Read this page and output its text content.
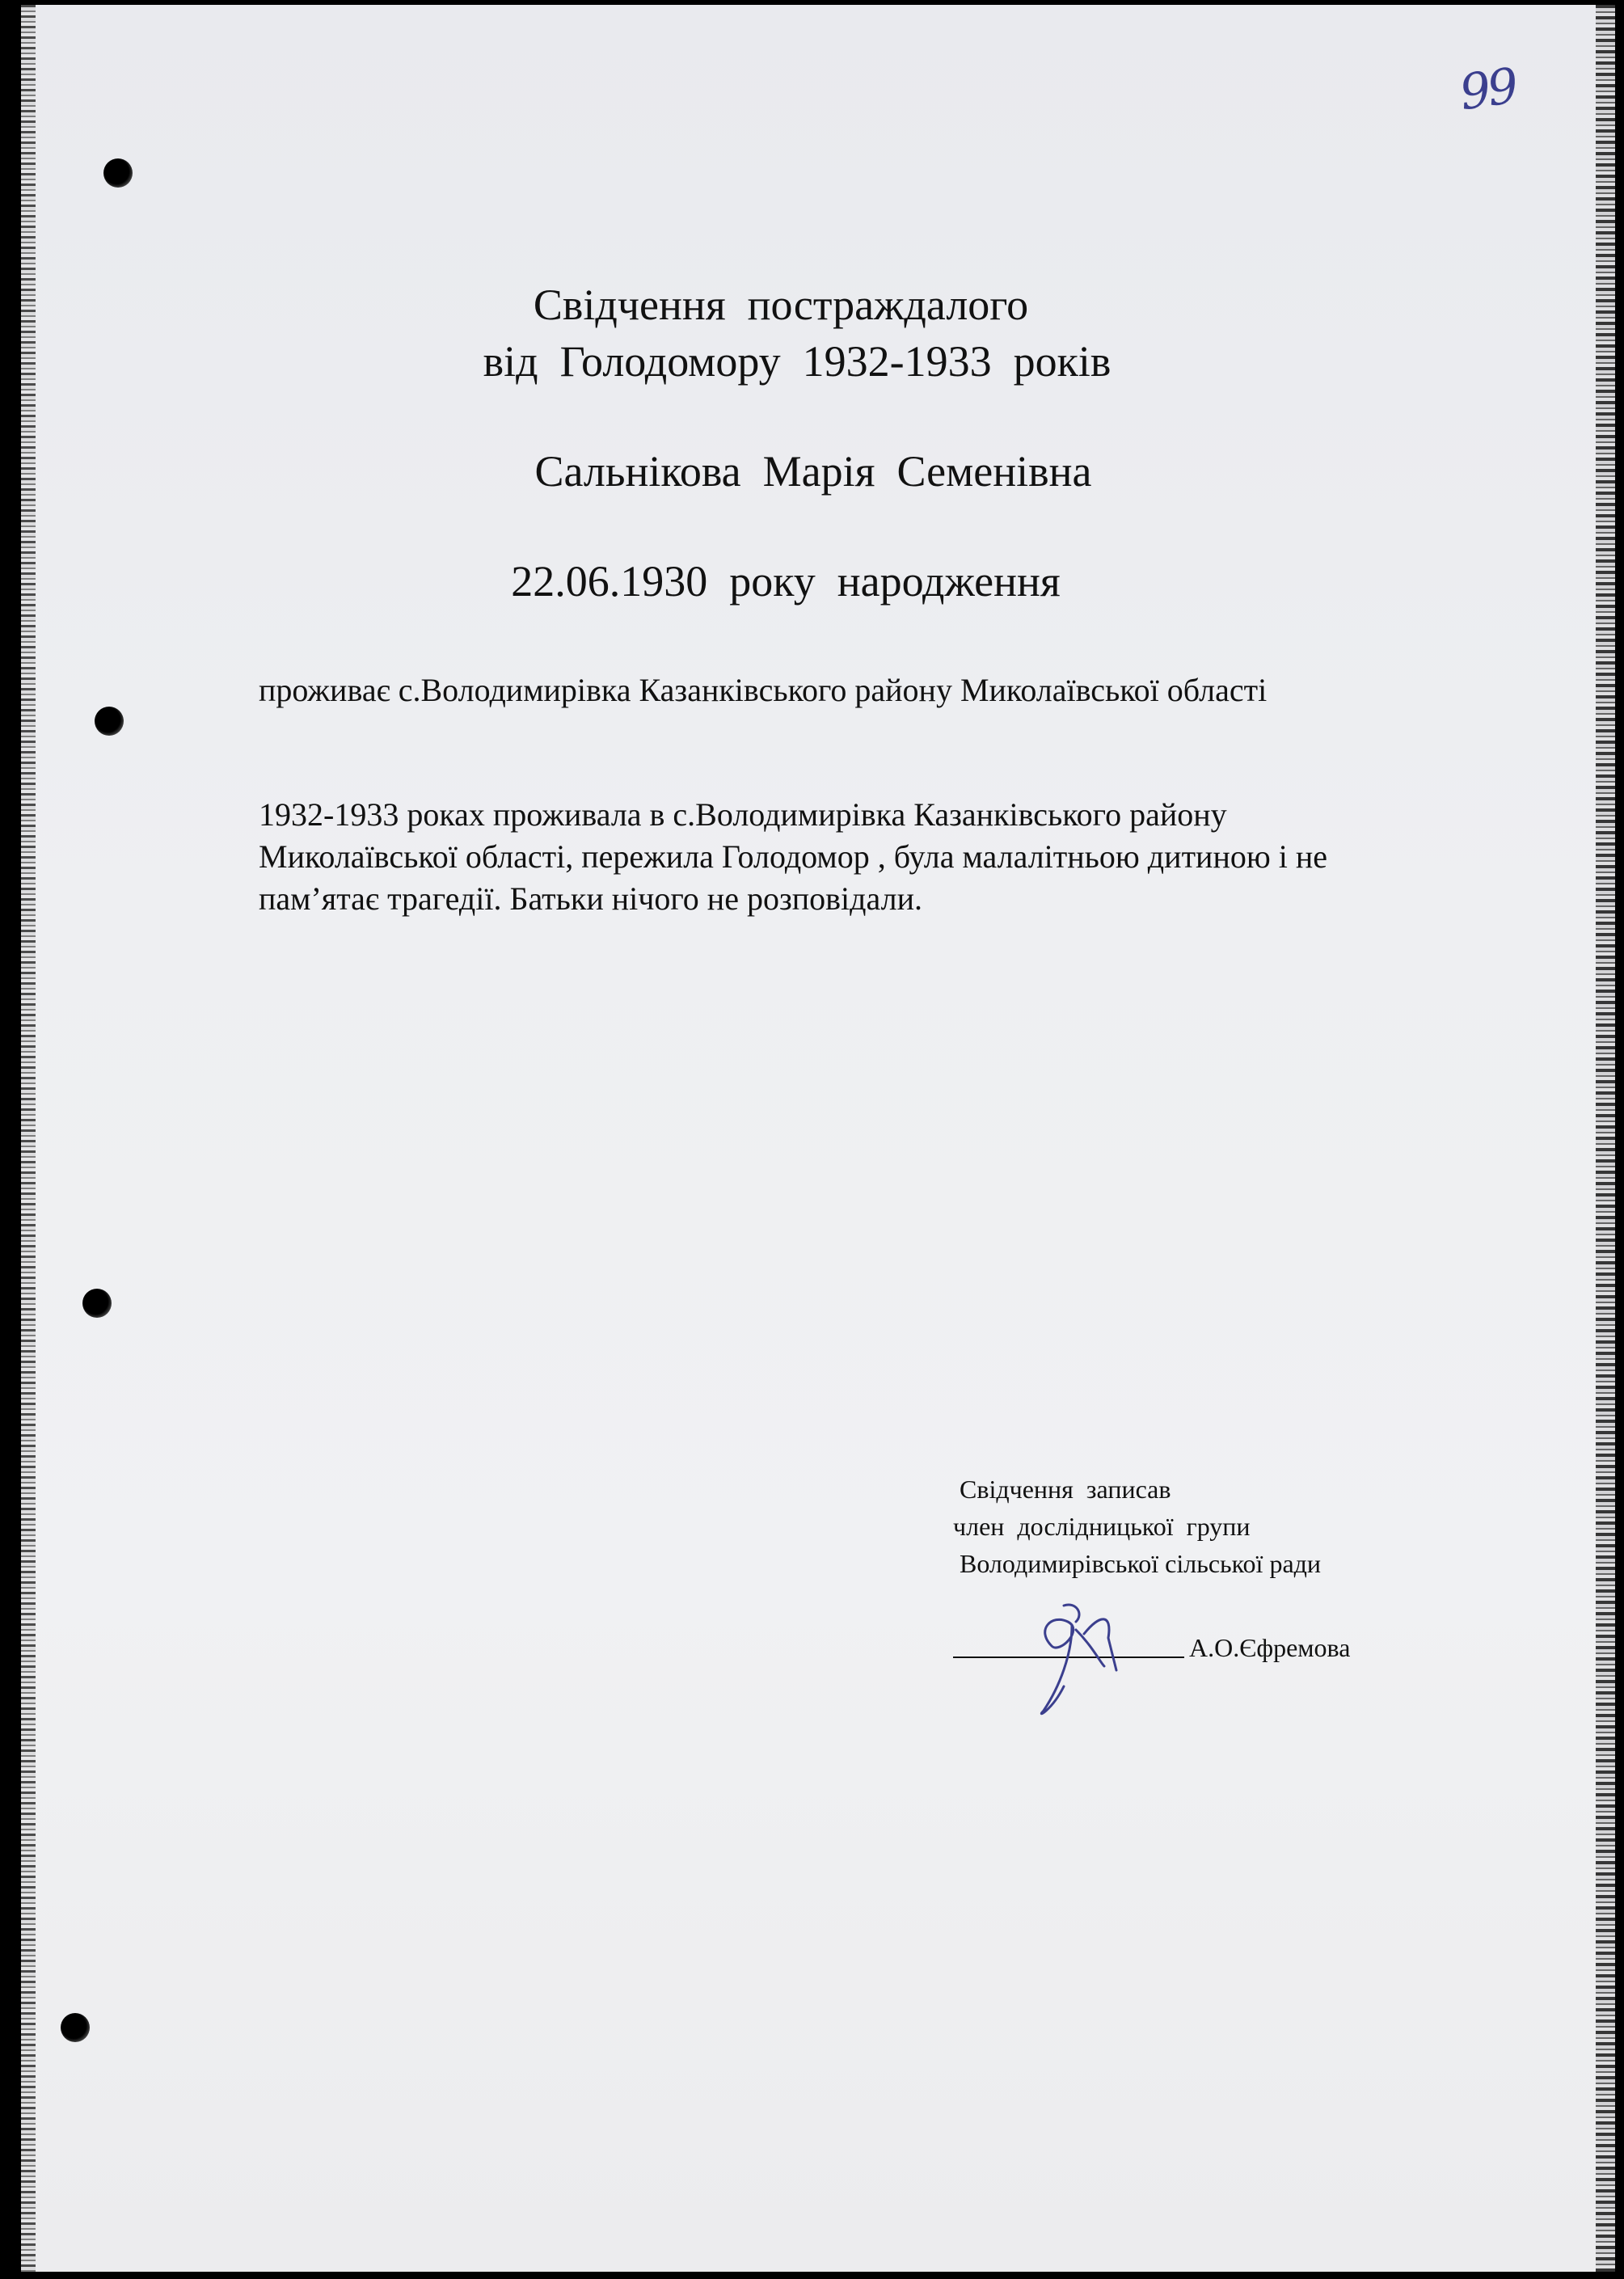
99
Свідчення  постраждалого
від  Голодомору  1932-1933  років
Сальнікова  Марія  Семенівна
22.06.1930  року  народження
проживає с.Володимирівка Казанківського району Миколаївської області
1932-1933 роках проживала в с.Володимирівка Казанківського району Миколаївської області, пережила Голодомор , була малалітньою дитиною і не пам’ятає трагедії. Батьки нічого не розповідали.
Свідчення  записав
член  дослідницької  групи
Володимирівської сільської ради
А.О.Єфремова
